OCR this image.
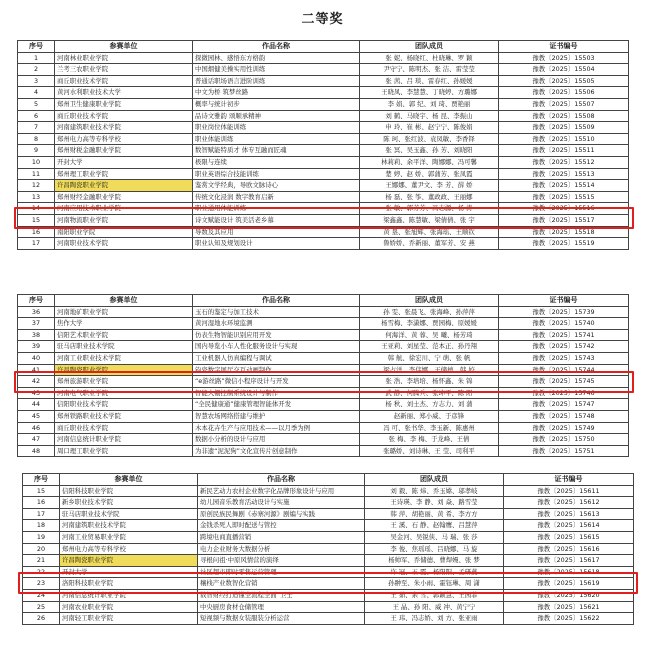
二等奖
序号	参赛单位	作品名称	团队成员	证书编号
1	河南林业职业学院	探微园林、感悟东方格韵	张 妮、杨晓红、杜晓琳、罗 颖	豫教〔2025〕15503
2	兰考三农职业学院	中国烟健美操实用性训练	尹守宁、陈明杰、张 洁、雷莹莹	豫教〔2025〕15504
3	商丘职业技术学院	普通话职场语言进阶训练	张 茜、吕 琰、雷春红、孙媛媛	豫教〔2025〕15505
4	黄河水利职业技术大学	中文为桥 筑梦丝路	王晓凤、李慧慧、丁晓婷、方璐娜	豫教〔2025〕15506
5	郑州卫生健康职业学院	概率与统计初步	李 娟、郭 纪、刘 琦、贾艳丽	豫教〔2025〕15507
6	商丘职业技术学院	品诗文雅韵 颂顺承精神	刘 鹤、马晓宇、杨 昆、李振山	豫教〔2025〕15508
7	河南建筑职业技术学院	职业岗位体能训练	申 玲、崔 彬、赵宁宁、陈俊娟	豫教〔2025〕15509
8	郑州电力高等专科学校	职业体能训练	陈 珂、张红波、袁凤敏、李香铎	豫教〔2025〕15510
9	郑州财税金融职业学院	数智赋能特质才 体专互融而匠魂	张 冥、吴玉鑫、孙 芳、刘晓阳	豫教〔2025〕15511
10	开封大学	极限与连续	林莉莉、余平洋、陶娜娜、冯可馨	豫教〔2025〕15512
11	郑州理工职业学院	职业英语综合技能训练	楚 婷、赵 娇、郭蒲芳、张凤霞	豫教〔2025〕15513
12	许昌陶瓷职业学院	鉴赏文学经典，导欧文脉诗心	王娜娜、董尹文、李 芳、薛 娇	豫教〔2025〕15514
13	郑州财经金融职业学院	传统文化浸润 数字教育启新	杨 磊、张 筝、董政政、王丽娜	豫教〔2025〕15515
14	河南应用技术职业学院	职业通用体能训练	张 敏、郭芳芳、冯志源、杨 涛	豫教〔2025〕15516
15	河南物流职业学院	诗文赋能设计 筑美活老乡慕	梁鑫鑫、陈慧敏、梁倩倩、张 宇	豫教〔2025〕15517
16	南阳职业学院	导数及其应用	黄 垦、张旭辉、张海瑶、王顺钦	豫教〔2025〕15518
17	河南职业技术学院	职业认知及规划设计	鲁娇娇、乔新丽、董军芳、安 燕	豫教〔2025〕15519
序号	参赛单位	作品名称	团队成员	证书编号
36	河南地矿职业学院	玉石的鉴定与加工技术	孙 雯、张晨飞、张海峰、孙萍萍	豫教〔2025〕15739
37	焦作大学	黄河湿地水环境监测	杨雪梅、李潇娜、贾园梅、原媛媛	豫教〔2025〕15740
38	信阳艺术职业学院	仿表生物智能识别应用开发	何海洋、黄 蓉、吴 曦、杨芳琦	豫教〔2025〕15741
39	驻马店职业技术学院	国内导览小车人性化服务设计与实现	王亚莉、刘星莹、范本正、孙丹翔	豫教〔2025〕15742
40	河南工业职业技术学院	工业机器人仿真编程与调试	韩 航、徐宏川、宁 萌、张 帆	豫教〔2025〕15743
41	许昌陶瓷职业学院	钧瓷数字展厅交互动画制作	梁占洋、李伟娜、王储德、韩 姣	豫教〔2025〕15744
42	郑州旅游职业学院	“e游丝路”微信小程序设计与开发	张 浩、李培培、杨怀鑫、朱 锦	豫教〔2025〕15745
43	河南电气职业学院	智能大棚控制系统设计与制作	武 静、何腾兵、张坤平、陈 阳	豫教〔2025〕15746
44	信阳职业技术学院	“全民健康通”健康管理智能体开发	杨 秋、刘士杰、方志力、刘 蒲	豫教〔2025〕15747
45	郑州铁路职业技术学院	智慧农场网络搭建与维护	赵新丽、郑小威、于彦锋	豫教〔2025〕15748
46	商丘职业技术学院	木本花卉生产与应用技术——以月季为例	冯 可、张书华、李玉新、陈惠州	豫教〔2025〕15749
47	河南信息统计职业学院	数据小分析的设计与应用	张 梅、李 梅、于龙峰、王倩	豫教〔2025〕15750
48	周口理工职业学院	为非遗“泥泥狗”文化宣传片创意制作	张璐娇、刘诗琳、王 莹、司利平	豫教〔2025〕15751
序号	参赛单位	作品名称	团队成员	证书编号
15	信阳科技职业学院	新民艺动力农村企业数字化品牌形象设计与应用	刘 毅、陈 炜、乔玉嫦、邬孝岐	豫教〔2025〕15611
16	新乡职业技术学院	幼儿园音乐教育活动设计与实施	王诗瑛、李 静、刘 焱、路雪莹	豫教〔2025〕15612
17	驻马店职业技术学院	原创民族民舞剧《赤寨河源》剧编与实践	韩 萍、胡艳丽、黄 希、李方方	豫教〔2025〕15613
18	河南建筑职业技术学院	金钱杀死人即时配送与管控	王 溪、石 静、赵翰鹰、吕慧萍	豫教〔2025〕15614
19	河南工业贸易职业学院	跨境电商直播营销	吴金河、吴锐侠、马 瑞、张 莎	豫教〔2025〕15615
20	郑州电力高等专科学校	电力企业财务大数据分析	李 俊、焦瑶瑶、吕晓娜、马 旋	豫教〔2025〕15616
21	许昌陶瓷职业学院	寻根问祖·中原风情营的演绎	杨帅军、乔储德、曹焊嫚、张 梦	豫教〔2025〕15617
22	开封大学	社区超市即时零售运营管理	许 冠、王 霞、杨阳阳、孟研燕	豫教〔2025〕15618
23	洛阳科技职业学院	穰栈产业数智化营销	孙翀至、朱小雨、霍钰琳、周 潇	豫教〔2025〕15619
24	河南信息统计职业学院	数智财经打造懂全流程全面“卫士”	王 茹、余 雪、郭颖慧、王园菲	豫教〔2025〕15620
25	河南农业职业学院	中央厨房食材仓储管理	王 晶、孙 阳、威 冲、黄宁宁	豫教〔2025〕15621
26	河南轻工职业学院	短视频与数据女装服装分析运营	王 玮、冯志娇、刘 方、张亚雨	豫教〔2025〕15622
